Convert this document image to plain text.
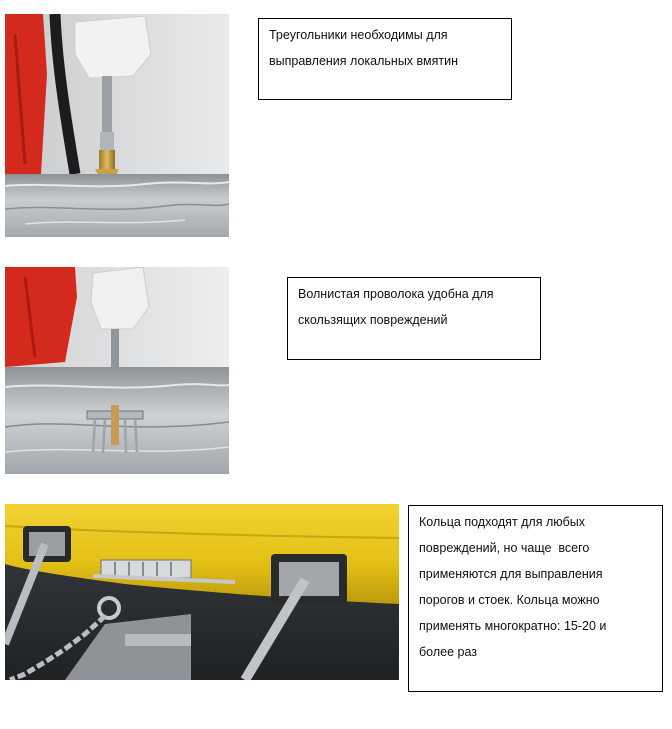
Треугольники необходимы для
выправления локальных вмятин
Волнистая проволока удобна для
скользящих повреждений
Кольца подходят для любых
повреждений, но чаще  всего
применяются для выправления
порогов и стоек. Кольца можно
применять многократно: 15-20 и
более раз
